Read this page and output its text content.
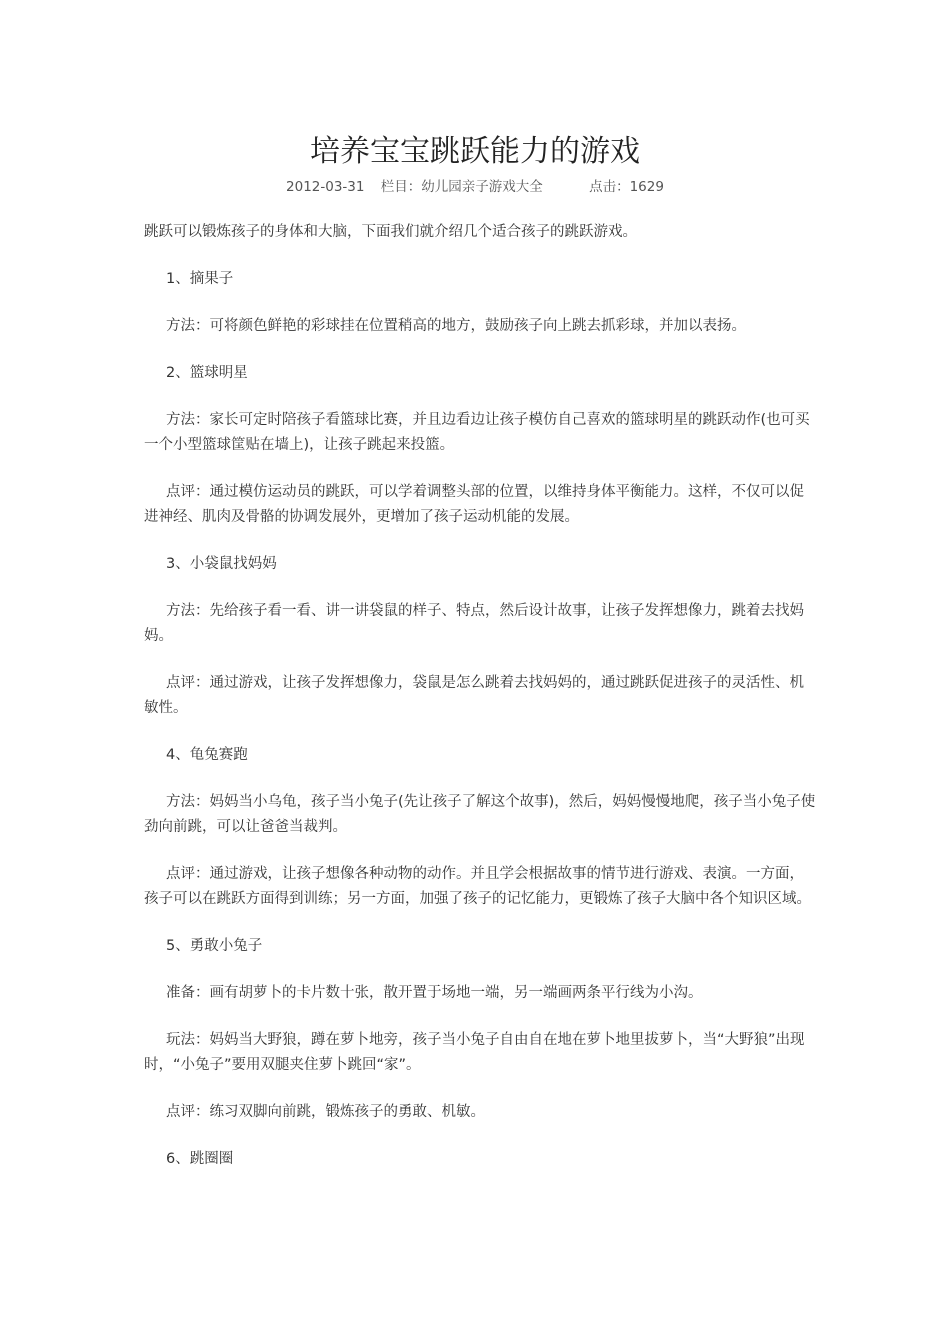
培养宝宝跳跃能力的游戏
2012-03-31 栏目：幼儿园亲子游戏大全	点击：1629

跳跃可以锻炼孩子的身体和大脑，下面我们就介绍几个适合孩子的跳跃游戏。

1、摘果子

方法：可将颜色鲜艳的彩球挂在位置稍高的地方，鼓励孩子向上跳去抓彩球，并加以表扬。

2、篮球明星

方法：家长可定时陪孩子看篮球比赛，并且边看边让孩子模仿自己喜欢的篮球明星的跳跃动作(也可买一个小型篮球筐贴在墙上)，让孩子跳起来投篮。

点评：通过模仿运动员的跳跃，可以学着调整头部的位置，以维持身体平衡能力。这样，不仅可以促进神经、肌肉及骨骼的协调发展外，更增加了孩子运动机能的发展。

3、小袋鼠找妈妈

方法：先给孩子看一看、讲一讲袋鼠的样子、特点，然后设计故事，让孩子发挥想像力，跳着去找妈妈。

点评：通过游戏，让孩子发挥想像力，袋鼠是怎么跳着去找妈妈的，通过跳跃促进孩子的灵活性、机敏性。

4、龟兔赛跑

方法：妈妈当小乌龟，孩子当小兔子(先让孩子了解这个故事)，然后，妈妈慢慢地爬，孩子当小兔子使劲向前跳，可以让爸爸当裁判。

点评：通过游戏，让孩子想像各种动物的动作。并且学会根据故事的情节进行游戏、表演。一方面，孩子可以在跳跃方面得到训练；另一方面，加强了孩子的记忆能力，更锻炼了孩子大脑中各个知识区域。

5、勇敢小兔子

准备：画有胡萝卜的卡片数十张，散开置于场地一端，另一端画两条平行线为小沟。

玩法：妈妈当大野狼，蹲在萝卜地旁，孩子当小兔子自由自在地在萝卜地里拔萝卜，当“大野狼”出现时，“小兔子”要用双腿夹住萝卜跳回“家”。

点评：练习双脚向前跳，锻炼孩子的勇敢、机敏。

6、跳圈圈
